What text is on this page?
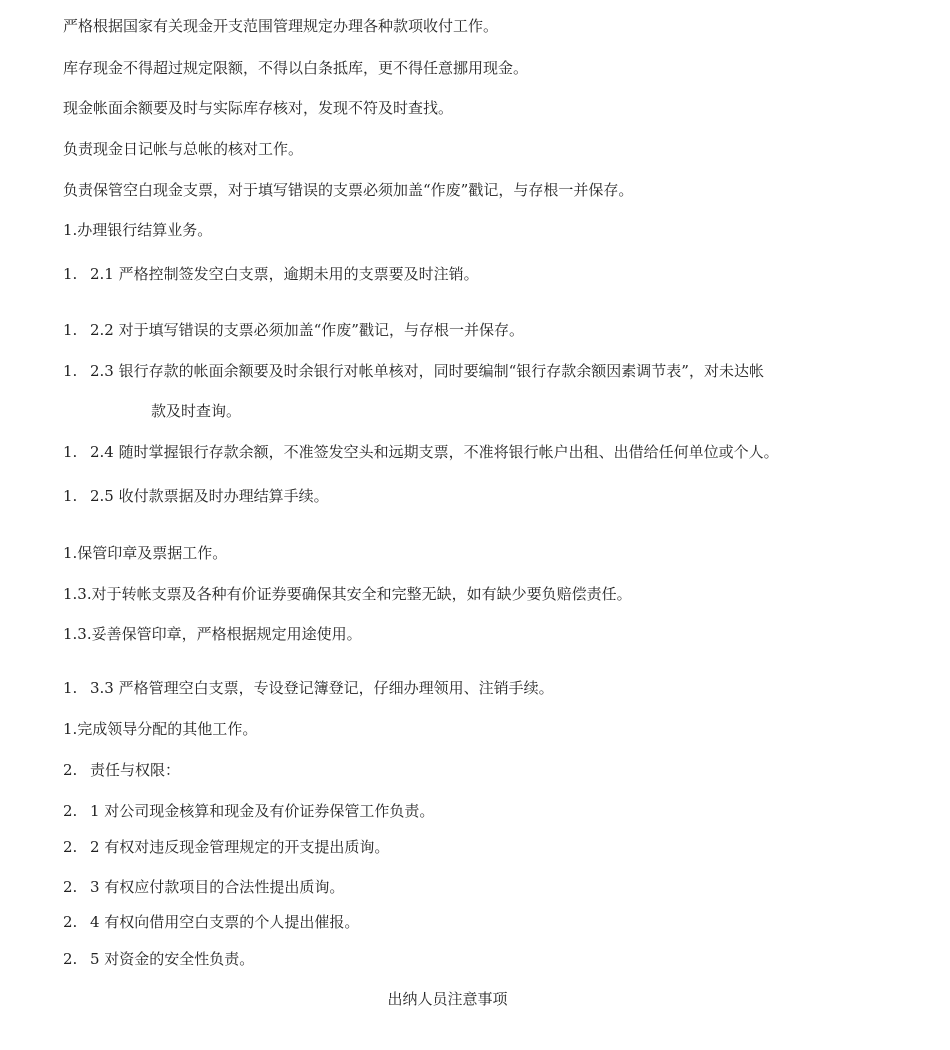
严格根据国家有关现金开支范围管理规定办理各种款项收付工作。

库存现金不得超过规定限额，不得以白条抵库，更不得任意挪用现金。

现金帐面余额要及时与实际库存核对，发现不符及时查找。

负责现金日记帐与总帐的核对工作。

负责保管空白现金支票，对于填写错误的支票必须加盖“作废”戳记，与存根一并保存。

1.办理银行结算业务。

1. 2.1 严格控制签发空白支票，逾期未用的支票要及时注销。

1. 2.2 对于填写错误的支票必须加盖“作废”戳记，与存根一并保存。

1. 2.3 银行存款的帐面余额要及时余银行对帐单核对，同时要编制“银行存款余额因素调节表”，对未达帐

款及时查询。

1. 2.4 随时掌握银行存款余额，不准签发空头和远期支票，不准将银行帐户出租、出借给任何单位或个人。

1. 2.5 收付款票据及时办理结算手续。

1.保管印章及票据工作。

1.3.对于转帐支票及各种有价证券要确保其安全和完整无缺，如有缺少要负赔偿责任。

1.3.妥善保管印章，严格根据规定用途使用。

1. 3.3 严格管理空白支票，专设登记簿登记，仔细办理领用、注销手续。

1.完成领导分配的其他工作。

2. 责任与权限：

2. 1 对公司现金核算和现金及有价证券保管工作负责。

2. 2 有权对违反现金管理规定的开支提出质询。

2. 3 有权应付款项目的合法性提出质询。

2. 4 有权向借用空白支票的个人提出催报。

2. 5 对资金的安全性负责。

出纳人员注意事项
